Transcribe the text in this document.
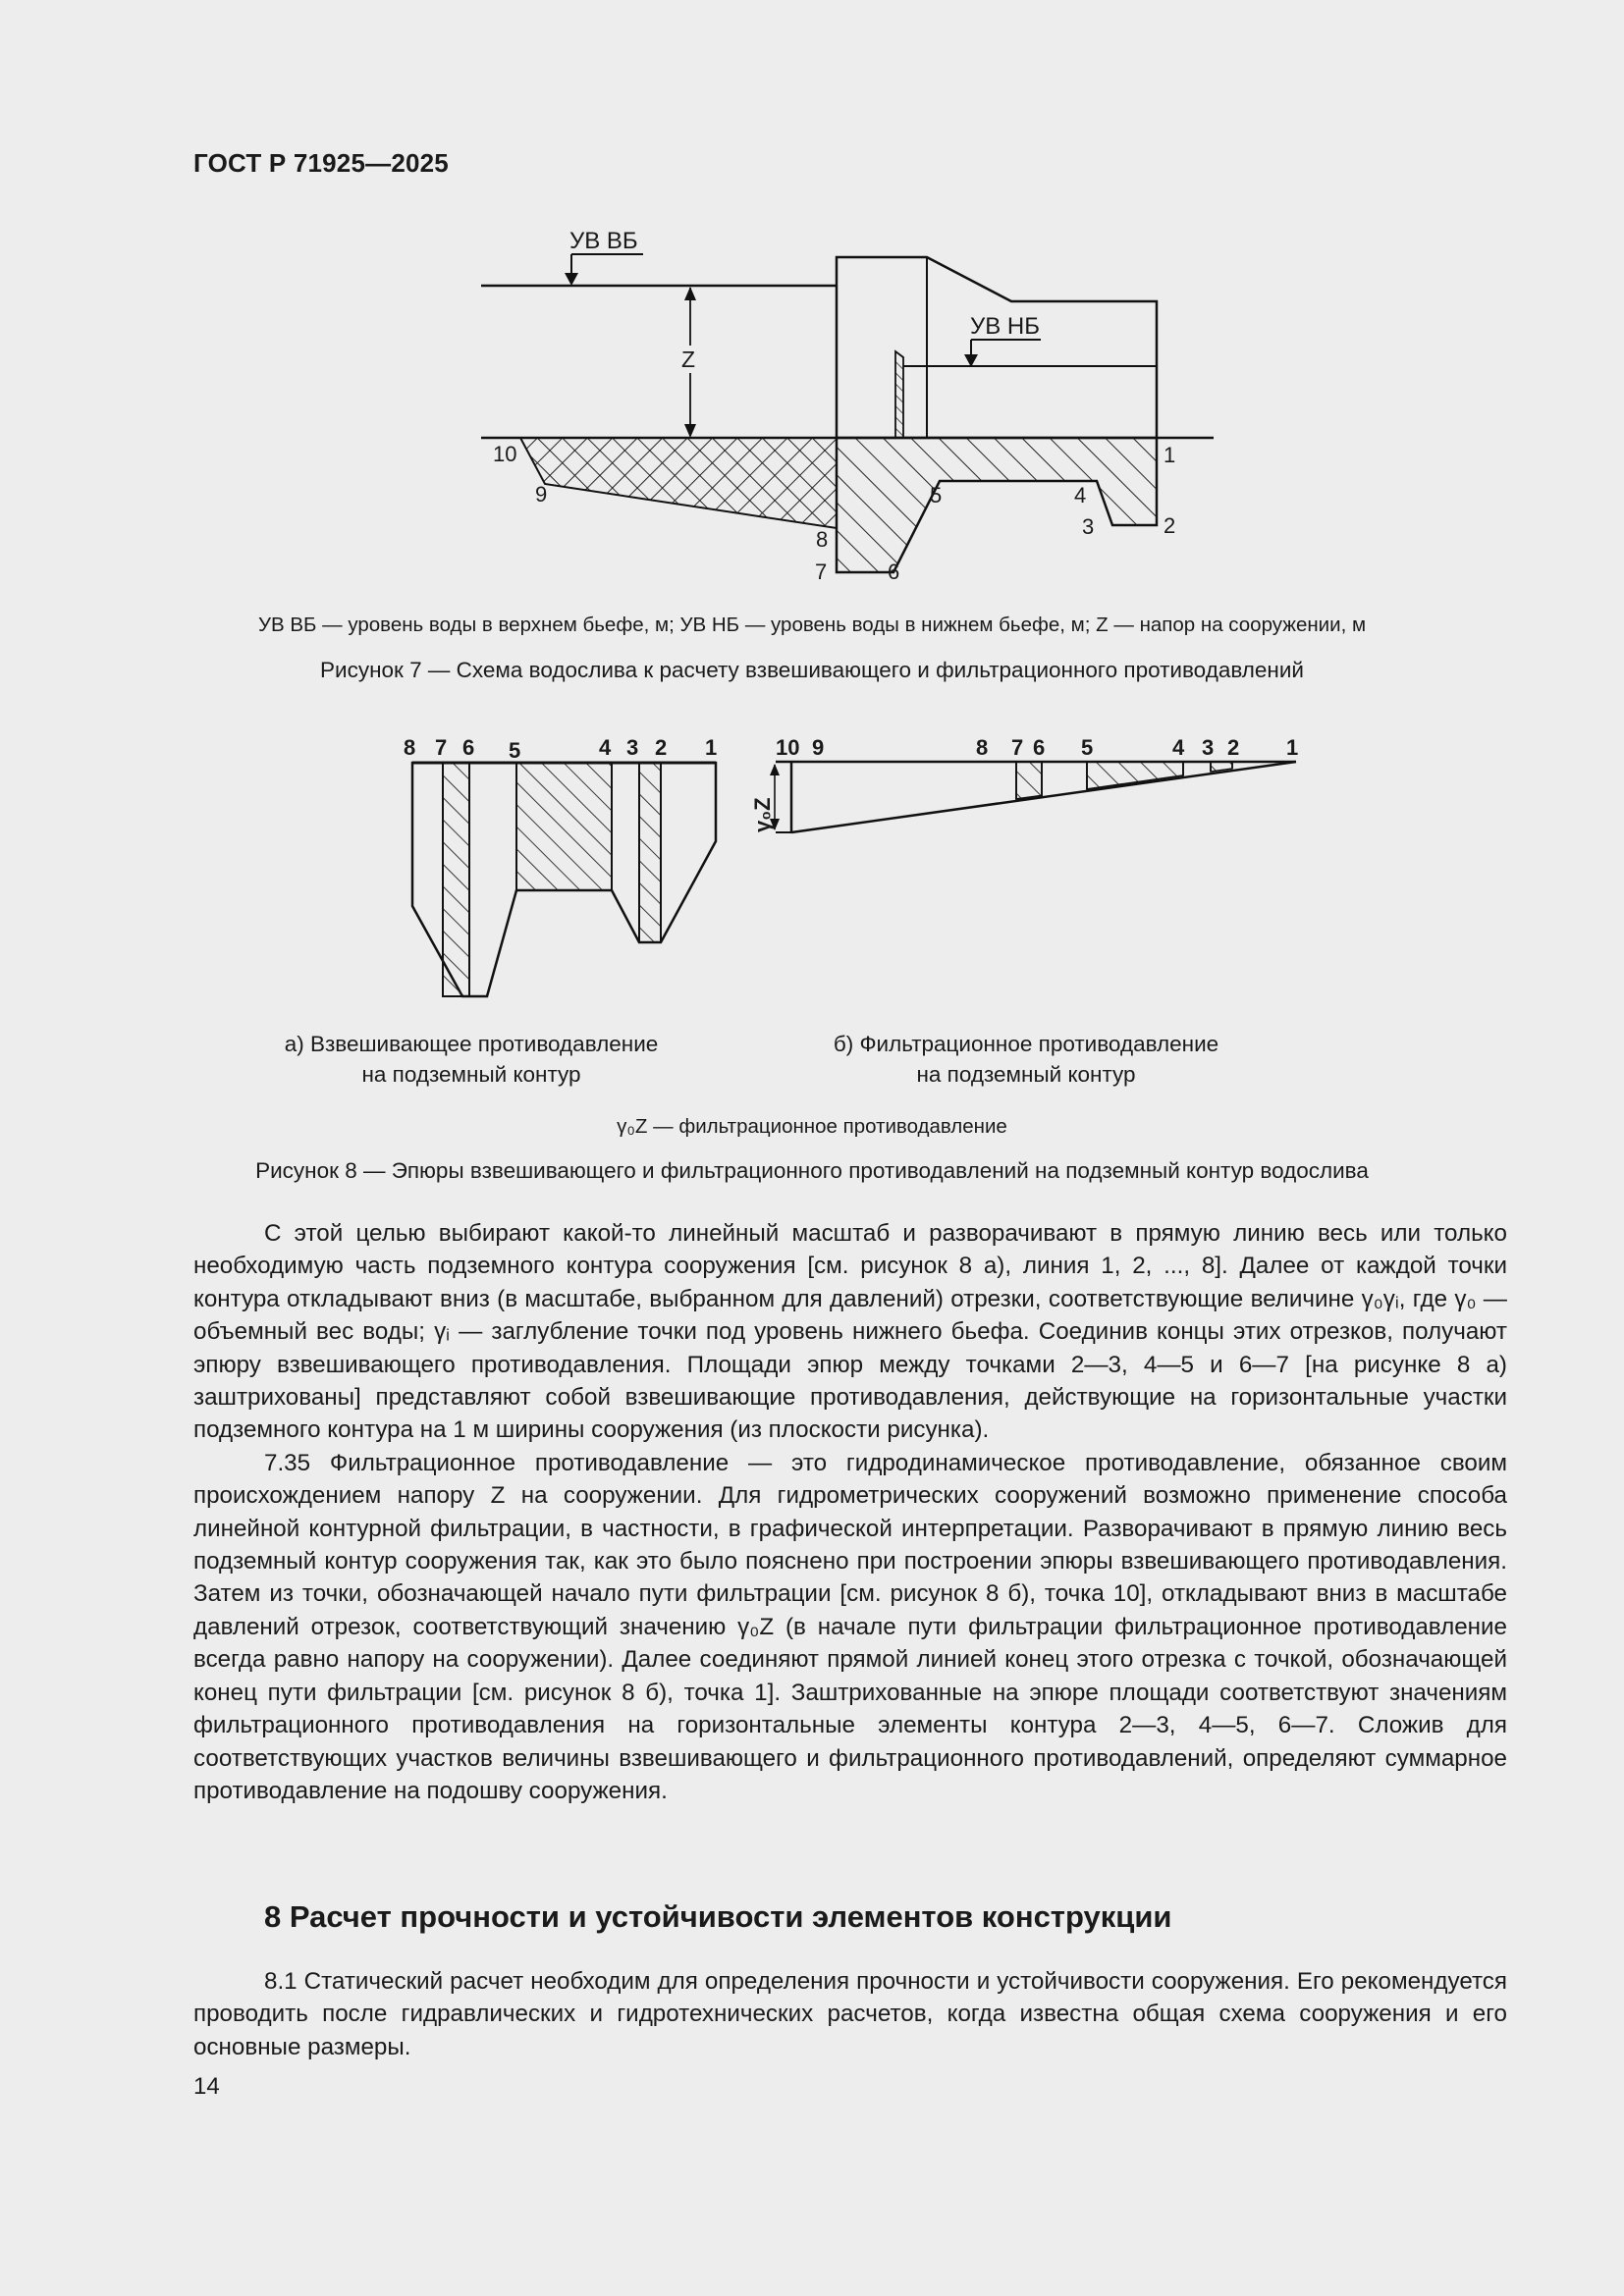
ГОСТ Р 71925—2025
УВ ВБ
УВ НБ
Z
1
2
3
4
5
6
7
8
9
10
УВ ВБ — уровень воды в верхнем бьефе, м; УВ НБ — уровень воды в нижнем бьефе, м; Z — напор на сооружении, м
Рисунок 7 — Схема водослива к расчету взвешивающего и фильтрационного противодавлений
8 7 6 5	4 3 2 1
γ₀Z
10 9	8 7 6 5	4 3 2 1
а) Взвешивающее противодавление
на подземный контур
б) Фильтрационное противодавление
на подземный контур
γ₀Z — фильтрационное противодавление
Рисунок 8 — Эпюры взвешивающего и фильтрационного противодавлений на подземный контур водослива

С этой целью выбирают какой-то линейный масштаб и разворачивают в прямую линию весь или только необходимую часть подземного контура сооружения [см. рисунок 8 а), линия 1, 2, ..., 8]. Далее от каждой точки контура откладывают вниз (в масштабе, выбранном для давлений) отрезки, соответствующие величине γ₀γᵢ, где γ₀ — объемный вес воды; γᵢ — заглубление точки под уровень нижнего бьефа. Соединив концы этих отрезков, получают эпюру взвешивающего противодавления. Площади эпюр между точками 2—3, 4—5 и 6—7 [на рисунке 8 а) заштрихованы] представляют собой взвешивающие противодавления, действующие на горизонтальные участки подземного контура на 1 м ширины сооружения (из плоскости рисунка).

7.35 Фильтрационное противодавление — это гидродинамическое противодавление, обязанное своим происхождением напору Z на сооружении. Для гидрометрических сооружений возможно применение способа линейной контурной фильтрации, в частности, в графической интерпретации. Разворачивают в прямую линию весь подземный контур сооружения так, как это было пояснено при построении эпюры взвешивающего противодавления. Затем из точки, обозначающей начало пути фильтрации [см. рисунок 8 б), точка 10], откладывают вниз в масштабе давлений отрезок, соответствующий значению γ₀Z (в начале пути фильтрации фильтрационное противодавление всегда равно напору на сооружении). Далее соединяют прямой линией конец этого отрезка с точкой, обозначающей конец пути фильтрации [см. рисунок 8 б), точка 1]. Заштрихованные на эпюре площади соответствуют значениям фильтрационного противодавления на горизонтальные элементы контура 2—3, 4—5, 6—7. Сложив для соответствующих участков величины взвешивающего и фильтрационного противодавлений, определяют суммарное противодавление на подошву сооружения.

8 Расчет прочности и устойчивости элементов конструкции

8.1 Статический расчет необходим для определения прочности и устойчивости сооружения. Его рекомендуется проводить после гидравлических и гидротехнических расчетов, когда известна общая схема сооружения и его основные размеры.

14
